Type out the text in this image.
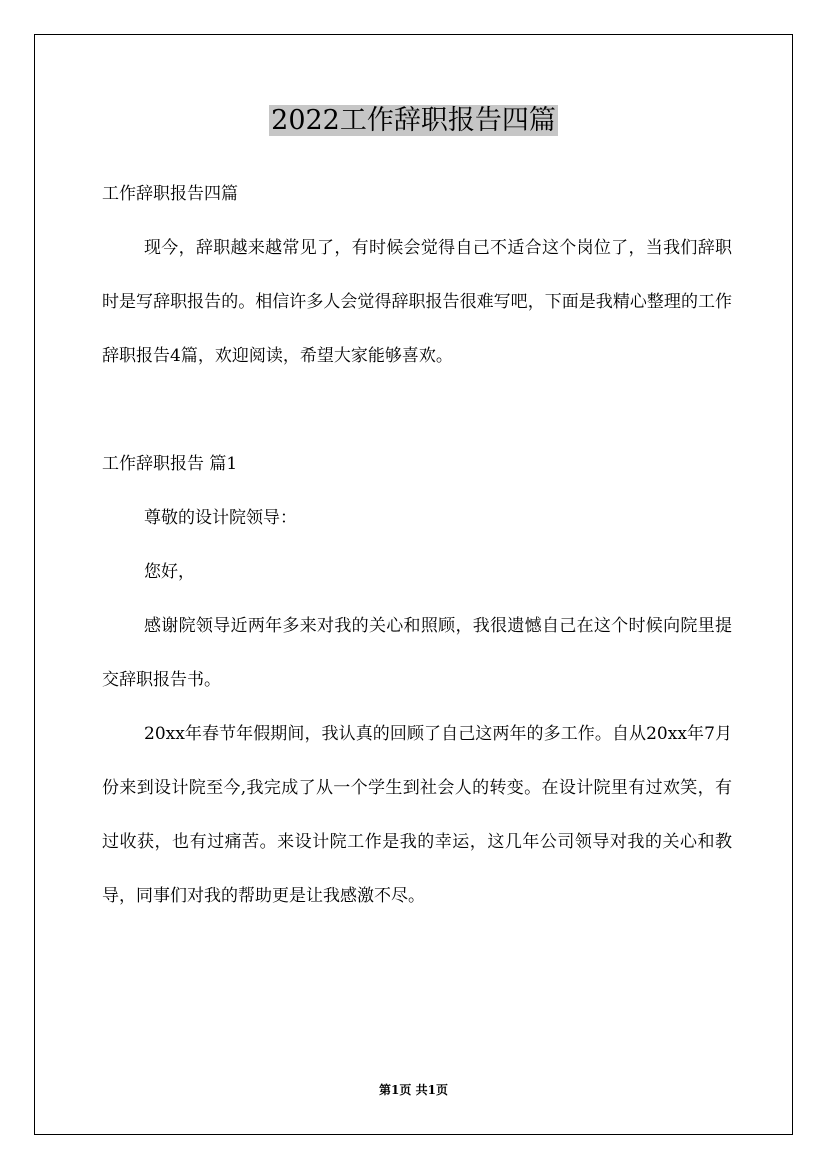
2022工作辞职报告四篇

工作辞职报告四篇

现今，辞职越来越常见了，有时候会觉得自己不适合这个岗位了，当我们辞职时是写辞职报告的。相信许多人会觉得辞职报告很难写吧，下面是我精心整理的工作辞职报告4篇，欢迎阅读，希望大家能够喜欢。

工作辞职报告 篇1

尊敬的设计院领导：

您好，

感谢院领导近两年多来对我的关心和照顾，我很遗憾自己在这个时候向院里提交辞职报告书。

20xx年春节年假期间，我认真的回顾了自己这两年的多工作。自从20xx年7月份来到设计院至今,我完成了从一个学生到社会人的转变。在设计院里有过欢笑，有过收获，也有过痛苦。来设计院工作是我的幸运，这几年公司领导对我的关心和教导，同事们对我的帮助更是让我感激不尽。

第1页 共1页
